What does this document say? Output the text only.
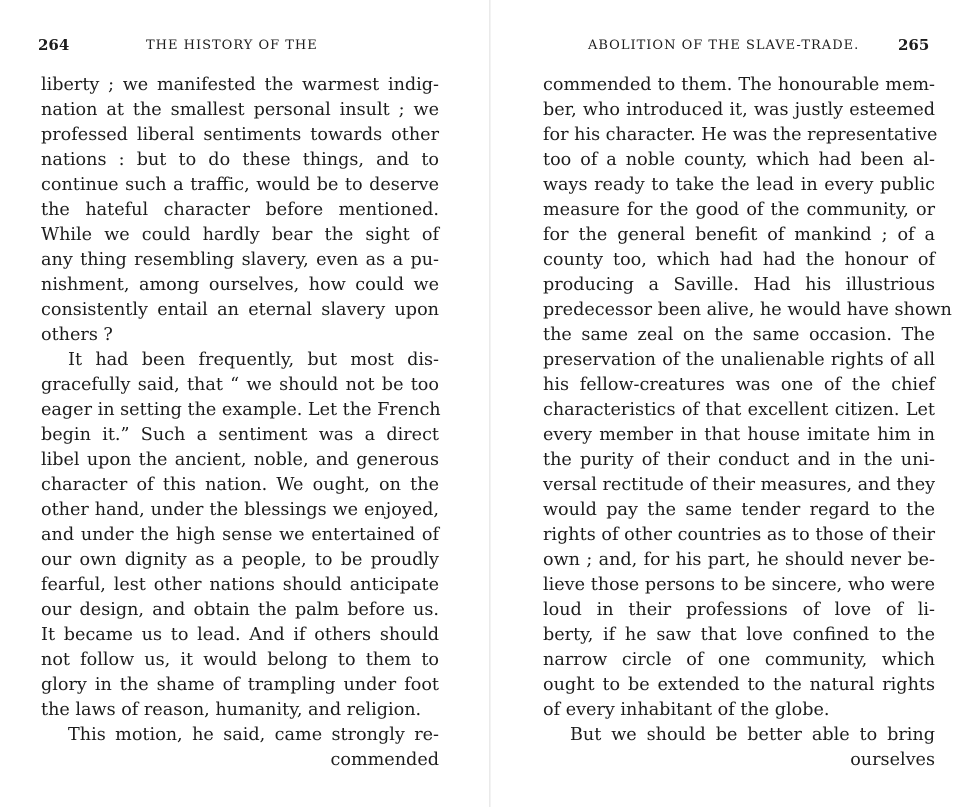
264	THE HISTORY OF THE
liberty ; we manifested the warmest indig-
nation at the smallest personal insult ; we
professed liberal sentiments towards other
nations : but to do these things, and to
continue such a traffic, would be to deserve
the hateful character before mentioned.
While we could hardly bear the sight of
any thing resembling slavery, even as a pu-
nishment, among ourselves, how could we
consistently entail an eternal slavery upon
others ?
It had been frequently, but most dis-
gracefully said, that “ we should not be too
eager in setting the example. Let the French
begin it.” Such a sentiment was a direct
libel upon the ancient, noble, and generous
character of this nation. We ought, on the
other hand, under the blessings we enjoyed,
and under the high sense we entertained of
our own dignity as a people, to be proudly
fearful, lest other nations should anticipate
our design, and obtain the palm before us.
It became us to lead. And if others should
not follow us, it would belong to them to
glory in the shame of trampling under foot
the laws of reason, humanity, and religion.
This motion, he said, came strongly re-
commended
ABOLITION OF THE SLAVE-TRADE.	265
commended to them. The honourable mem-
ber, who introduced it, was justly esteemed
for his character. He was the representative
too of a noble county, which had been al-
ways ready to take the lead in every public
measure for the good of the community, or
for the general benefit of mankind ; of a
county too, which had had the honour of
producing a Saville. Had his illustrious
predecessor been alive, he would have shown
the same zeal on the same occasion. The
preservation of the unalienable rights of all
his fellow-creatures was one of the chief
characteristics of that excellent citizen. Let
every member in that house imitate him in
the purity of their conduct and in the uni-
versal rectitude of their measures, and they
would pay the same tender regard to the
rights of other countries as to those of their
own ; and, for his part, he should never be-
lieve those persons to be sincere, who were
loud in their professions of love of li-
berty, if he saw that love confined to the
narrow circle of one community, which
ought to be extended to the natural rights
of every inhabitant of the globe.
But we should be better able to bring
ourselves
